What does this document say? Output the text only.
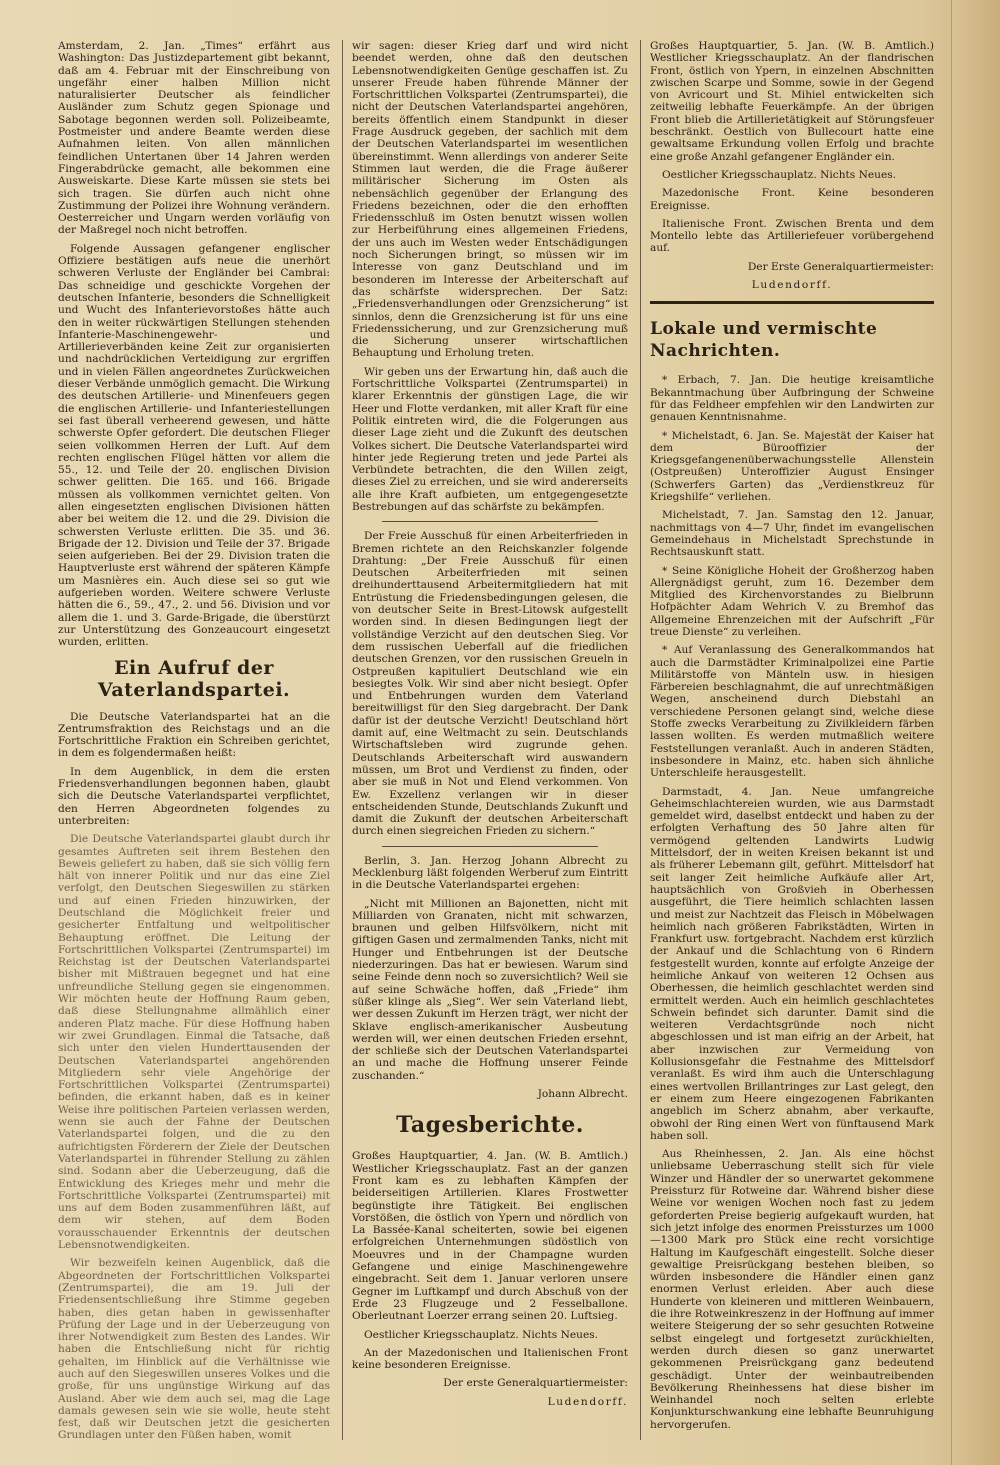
Amsterdam, 2. Jan. „Times“ erfährt aus Washington: Das Justizdepartement gibt bekannt, daß am 4. Februar mit der Einschreibung von ungefähr einer halben Million nicht naturalisierter Deutscher als feindlicher Ausländer zum Schutz gegen Spionage und Sabotage begonnen werden soll. Polizeibeamte, Postmeister und andere Beamte werden diese Aufnahmen leiten. Von allen männlichen feindlichen Untertanen über 14 Jahren werden Fingerabdrücke gemacht, alle bekommen eine Ausweiskarte. Diese Karte müssen sie stets bei sich tragen. Sie dürfen auch nicht ohne Zustimmung der Polizei ihre Wohnung verändern. Oesterreicher und Ungarn werden vorläufig von der Maßregel noch nicht betroffen.

Folgende Aussagen gefangener englischer Offiziere bestätigen aufs neue die unerhört schweren Verluste der Engländer bei Cambrai: Das schneidige und geschickte Vorgehen der deutschen Infanterie, besonders die Schnelligkeit und Wucht des Infanterievorstoßes hätte auch den in weiter rückwärtigen Stellungen stehenden Infanterie-Maschinengewehr- und Artillerieverbänden keine Zeit zur organisierten und nachdrücklichen Verteidigung zur ergriffen und in vielen Fällen angeordnetes Zurückweichen dieser Verbände unmöglich gemacht. Die Wirkung des deutschen Artillerie- und Minenfeuers gegen die englischen Artillerie- und Infanteriestellungen sei fast überall verheerend gewesen, und hätte schwerste Opfer gefordert. Die deutschen Flieger seien vollkommen Herren der Luft. Auf dem rechten englischen Flügel hätten vor allem die 55., 12. und Teile der 20. englischen Division schwer gelitten. Die 165. und 166. Brigade müssen als vollkommen vernichtet gelten. Von allen eingesetzten englischen Divisionen hätten aber bei weitem die 12. und die 29. Division die schwersten Verluste erlitten. Die 35. und 36. Brigade der 12. Division und Teile der 37. Brigade seien aufgerieben. Bei der 29. Division traten die Hauptverluste erst während der späteren Kämpfe um Masnières ein. Auch diese sei so gut wie aufgerieben worden. Weitere schwere Verluste hätten die 6., 59., 47., 2. und 56. Division und vor allem die 1. und 3. Garde-Brigade, die überstürzt zur Unterstützung des Gonzeaucourt eingesetzt wurden, erlitten.

Ein Aufruf der Vaterlandspartei.

Die Deutsche Vaterlandspartei hat an die Zentrumsfraktion des Reichstags und an die Fortschrittliche Fraktion ein Schreiben gerichtet, in dem es folgendermaßen heißt:

In dem Augenblick, in dem die ersten Friedensverhandlungen begonnen haben, glaubt sich die Deutsche Vaterlandspartei verpflichtet, den Herren Abgeordneten folgendes zu unterbreiten:

Die Deutsche Vaterlandspartei glaubt durch ihr gesamtes Auftreten seit ihrem Bestehen den Beweis geliefert zu haben, daß sie sich völlig fern hält von innerer Politik und nur das eine Ziel verfolgt, den Deutschen Siegeswillen zu stärken und auf einen Frieden hinzuwirken, der Deutschland die Möglichkeit freier und gesicherter Entfaltung und weltpolitischer Behauptung eröffnet. Die Leitung der Fortschrittlichen Volkspartei (Zentrumspartei) im Reichstag ist der Deutschen Vaterlandspartei bisher mit Mißtrauen begegnet und hat eine unfreundliche Stellung gegen sie eingenommen. Wir möchten heute der Hoffnung Raum geben, daß diese Stellungnahme allmählich einer anderen Platz mache. Für diese Hoffnung haben wir zwei Grundlagen. Einmal die Tatsache, daß sich unter den vielen Hunderttausenden der Deutschen Vaterlandspartei angehörenden Mitgliedern sehr viele Angehörige der Fortschrittlichen Volkspartei (Zentrumspartei) befinden, die erkannt haben, daß es in keiner Weise ihre politischen Parteien verlassen werden, wenn sie auch der Fahne der Deutschen Vaterlandspartei folgen, und die zu den aufrichtigsten Förderern der Ziele der Deutschen Vaterlandspartei in führender Stellung zu zählen sind. Sodann aber die Ueberzeugung, daß die Entwicklung des Krieges mehr und mehr die Fortschrittliche Volkspartei (Zentrumspartei) mit uns auf dem Boden zusammenführen läßt, auf dem wir stehen, auf dem Boden vorausschauender Erkenntnis der deutschen Lebensnotwendigkeiten.

Wir bezweifeln keinen Augenblick, daß die Abgeordneten der Fortschrittlichen Volkspartei (Zentrumspartei), die am 19. Juli der Friedensentschließung ihre Stimme gegeben haben, dies getan haben in gewissenhafter Prüfung der Lage und in der Ueberzeugung von ihrer Notwendigkeit zum Besten des Landes. Wir haben die Entschließung nicht für richtig gehalten, im Hinblick auf die Verhältnisse wie auch auf den Siegeswillen unseres Volkes und die große, für uns ungünstige Wirkung auf das Ausland. Aber wie dem auch sei, mag die Lage damals gewesen sein wie sie wolle, heute steht fest, daß wir Deutschen jetzt die gesicherten Grundlagen unter den Füßen haben, womit

wir sagen: dieser Krieg darf und wird nicht beendet werden, ohne daß den deutschen Lebensnotwendigkeiten Genüge geschaffen ist. Zu unserer Freude haben führende Männer der Fortschrittlichen Volkspartei (Zentrumspartei), die nicht der Deutschen Vaterlandspartei angehören, bereits öffentlich einem Standpunkt in dieser Frage Ausdruck gegeben, der sachlich mit dem der Deutschen Vaterlandspartei im wesentlichen übereinstimmt. Wenn allerdings von anderer Seite Stimmen laut werden, die die Frage äußerer militärischer Sicherung im Osten als nebensächlich gegenüber der Erlangung des Friedens bezeichnen, oder die den erhofften Friedensschluß im Osten benutzt wissen wollen zur Herbeiführung eines allgemeinen Friedens, der uns auch im Westen weder Entschädigungen noch Sicherungen bringt, so müssen wir im Interesse von ganz Deutschland und im besonderen im Interesse der Arbeiterschaft auf das schärfste widersprechen. Der Satz: „Friedensverhandlungen oder Grenzsicherung“ ist sinnlos, denn die Grenzsicherung ist für uns eine Friedenssicherung, und zur Grenzsicherung muß die Sicherung unserer wirtschaftlichen Behauptung und Erholung treten.

Wir geben uns der Erwartung hin, daß auch die Fortschrittliche Volkspartei (Zentrumspartei) in klarer Erkenntnis der günstigen Lage, die wir Heer und Flotte verdanken, mit aller Kraft für eine Politik eintreten wird, die die Folgerungen aus dieser Lage zieht und die Zukunft des deutschen Volkes sichert. Die Deutsche Vaterlandspartei wird hinter jede Regierung treten und jede Partei als Verbündete betrachten, die den Willen zeigt, dieses Ziel zu erreichen, und sie wird andererseits alle ihre Kraft aufbieten, um entgegengesetzte Bestrebungen auf das schärfste zu bekämpfen.

Der Freie Ausschuß für einen Arbeiterfrieden in Bremen richtete an den Reichskanzler folgende Drahtung: „Der Freie Ausschuß für einen Deutschen Arbeiterfrieden mit seinen dreihunderttausend Arbeitermitgliedern hat mit Entrüstung die Friedensbedingungen gelesen, die von deutscher Seite in Brest-Litowsk aufgestellt worden sind. In diesen Bedingungen liegt der vollständige Verzicht auf den deutschen Sieg. Vor dem russischen Ueberfall auf die friedlichen deutschen Grenzen, vor den russischen Greueln in Ostpreußen kapituliert Deutschland wie ein besiegtes Volk. Wir sind aber nicht besiegt. Opfer und Entbehrungen wurden dem Vaterland bereitwilligst für den Sieg dargebracht. Der Dank dafür ist der deutsche Verzicht! Deutschland hört damit auf, eine Weltmacht zu sein. Deutschlands Wirtschaftsleben wird zugrunde gehen. Deutschlands Arbeiterschaft wird auswandern müssen, um Brot und Verdienst zu finden, oder aber sie muß in Not und Elend verkommen. Von Ew. Exzellenz verlangen wir in dieser entscheidenden Stunde, Deutschlands Zukunft und damit die Zukunft der deutschen Arbeiterschaft durch einen siegreichen Frieden zu sichern.“

Berlin, 3. Jan. Herzog Johann Albrecht zu Mecklenburg läßt folgenden Werberuf zum Eintritt in die Deutsche Vaterlandspartei ergehen:

„Nicht mit Millionen an Bajonetten, nicht mit Milliarden von Granaten, nicht mit schwarzen, braunen und gelben Hilfsvölkern, nicht mit giftigen Gasen und zermalmenden Tanks, nicht mit Hunger und Entbehrungen ist der Deutsche niederzuringen. Das hat er bewiesen. Warum sind seine Feinde denn noch so zuversichtlich? Weil sie auf seine Schwäche hoffen, daß „Friede“ ihm süßer klinge als „Sieg“. Wer sein Vaterland liebt, wer dessen Zukunft im Herzen trägt, wer nicht der Sklave englisch-amerikanischer Ausbeutung werden will, wer einen deutschen Frieden ersehnt, der schließe sich der Deutschen Vaterlandspartei an und mache die Hoffnung unserer Feinde zuschanden.“

Johann Albrecht.
Tagesberichte.

Großes Hauptquartier, 4. Jan. (W. B. Amtlich.) Westlicher Kriegsschauplatz. Fast an der ganzen Front kam es zu lebhaften Kämpfen der beiderseitigen Artillerien. Klares Frostwetter begünstigte ihre Tätigkeit. Bei englischen Vorstößen, die östlich von Ypern und nördlich von La Bassée-Kanal scheiterten, sowie bei eigenen erfolgreichen Unternehmungen südöstlich von Moeuvres und in der Champagne wurden Gefangene und einige Maschinengewehre eingebracht. Seit dem 1. Januar verloren unsere Gegner im Luftkampf und durch Abschuß von der Erde 23 Flugzeuge und 2 Fesselballone. Oberleutnant Loerzer errang seinen 20. Luftsieg.

Oestlicher Kriegsschauplatz. Nichts Neues.

An der Mazedonischen und Italienischen Front keine besonderen Ereignisse.

Der erste Generalquartiermeister:
Ludendorff.

Großes Hauptquartier, 5. Jan. (W. B. Amtlich.) Westlicher Kriegsschauplatz. An der flandrischen Front, östlich von Ypern, in einzelnen Abschnitten zwischen Scarpe und Somme, sowie in der Gegend von Avricourt und St. Mihiel entwickelten sich zeitweilig lebhafte Feuerkämpfe. An der übrigen Front blieb die Artillerietätigkeit auf Störungsfeuer beschränkt. Oestlich von Bullecourt hatte eine gewaltsame Erkundung vollen Erfolg und brachte eine große Anzahl gefangener Engländer ein.

Oestlicher Kriegsschauplatz. Nichts Neues.

Mazedonische Front. Keine besonderen Ereignisse.

Italienische Front. Zwischen Brenta und dem Montello lebte das Artilleriefeuer vorübergehend auf.

Der Erste Generalquartiermeister:
Ludendorff.
Lokale und vermischte Nachrichten.

* Erbach, 7. Jan. Die heutige kreisamtliche Bekanntmachung über Aufbringung der Schweine für das Feldheer empfehlen wir den Landwirten zur genauen Kenntnisnahme.

* Michelstadt, 6. Jan. Se. Majestät der Kaiser hat dem Bürooffizier der Kriegsgefangenenüberwachungsstelle Allenstein (Ostpreußen) Unteroffizier August Ensinger (Schwerfers Garten) das „Verdienstkreuz für Kriegshilfe“ verliehen.

Michelstadt, 7. Jan. Samstag den 12. Januar, nachmittags von 4—7 Uhr, findet im evangelischen Gemeindehaus in Michelstadt Sprechstunde in Rechtsauskunft statt.

* Seine Königliche Hoheit der Großherzog haben Allergnädigst geruht, zum 16. Dezember dem Mitglied des Kirchenvorstandes zu Bielbrunn Hofpächter Adam Wehrich V. zu Bremhof das Allgemeine Ehrenzeichen mit der Aufschrift „Für treue Dienste“ zu verleihen.

* Auf Veranlassung des Generalkommandos hat auch die Darmstädter Kriminalpolizei eine Partie Militärstoffe von Mänteln usw. in hiesigen Färbereien beschlagnahmt, die auf unrechtmäßigen Wegen, anscheinend durch Diebstahl an verschiedene Personen gelangt sind, welche diese Stoffe zwecks Verarbeitung zu Zivilkleidern färben lassen wollten. Es werden mutmaßlich weitere Feststellungen veranlaßt. Auch in anderen Städten, insbesondere in Mainz, etc. haben sich ähnliche Unterschleife herausgestellt.

Darmstadt, 4. Jan. Neue umfangreiche Geheimschlachtereien wurden, wie aus Darmstadt gemeldet wird, daselbst entdeckt und haben zu der erfolgten Verhaftung des 50 Jahre alten für vermögend geltenden Landwirts Ludwig Mittelsdorf, der in weiten Kreisen bekannt ist und als früherer Lebemann gilt, geführt. Mittelsdorf hat seit langer Zeit heimliche Aufkäufe aller Art, hauptsächlich von Großvieh in Oberhessen ausgeführt, die Tiere heimlich schlachten lassen und meist zur Nachtzeit das Fleisch in Möbelwagen heimlich nach größeren Fabrikstädten, Wirten in Frankfurt usw. fortgebracht. Nachdem erst kürzlich der Ankauf und die Schlachtung von 6 Rindern festgestellt wurden, konnte auf erfolgte Anzeige der heimliche Ankauf von weiteren 12 Ochsen aus Oberhessen, die heimlich geschlachtet werden sind ermittelt werden. Auch ein heimlich geschlachtetes Schwein befindet sich darunter. Damit sind die weiteren Verdachtsgründe noch nicht abgeschlossen und ist man eifrig an der Arbeit, hat aber inzwischen zur Vermeidung von Kollusionsgefahr die Festnahme des Mittelsdorf veranlaßt. Es wird ihm auch die Unterschlagung eines wertvollen Brillantringes zur Last gelegt, den er einem zum Heere eingezogenen Fabrikanten angeblich im Scherz abnahm, aber verkaufte, obwohl der Ring einen Wert von fünftausend Mark haben soll.

Aus Rheinhessen, 2. Jan. Als eine höchst unliebsame Ueberraschung stellt sich für viele Winzer und Händler der so unerwartet gekommene Preissturz für Rotweine dar. Während bisher diese Weine vor wenigen Wochen noch fast zu jedem geforderten Preise begierig aufgekauft wurden, hat sich jetzt infolge des enormen Preissturzes um 1000—1300 Mark pro Stück eine recht vorsichtige Haltung im Kaufgeschäft eingestellt. Solche dieser gewaltige Preisrückgang bestehen bleiben, so würden insbesondere die Händler einen ganz enormen Verlust erleiden. Aber auch diese Hunderte von kleineren und mittleren Weinbauern, die ihre Rotweinkreszenz in der Hoffnung auf immer weitere Steigerung der so sehr gesuchten Rotweine selbst eingelegt und fortgesetzt zurückhielten, werden durch diesen so ganz unerwartet gekommenen Preisrückgang ganz bedeutend geschädigt. Unter der weinbautreibenden Bevölkerung Rheinhessens hat diese bisher im Weinhandel noch selten erlebte Konjunkturschwankung eine lebhafte Beunruhigung hervorgerufen.
